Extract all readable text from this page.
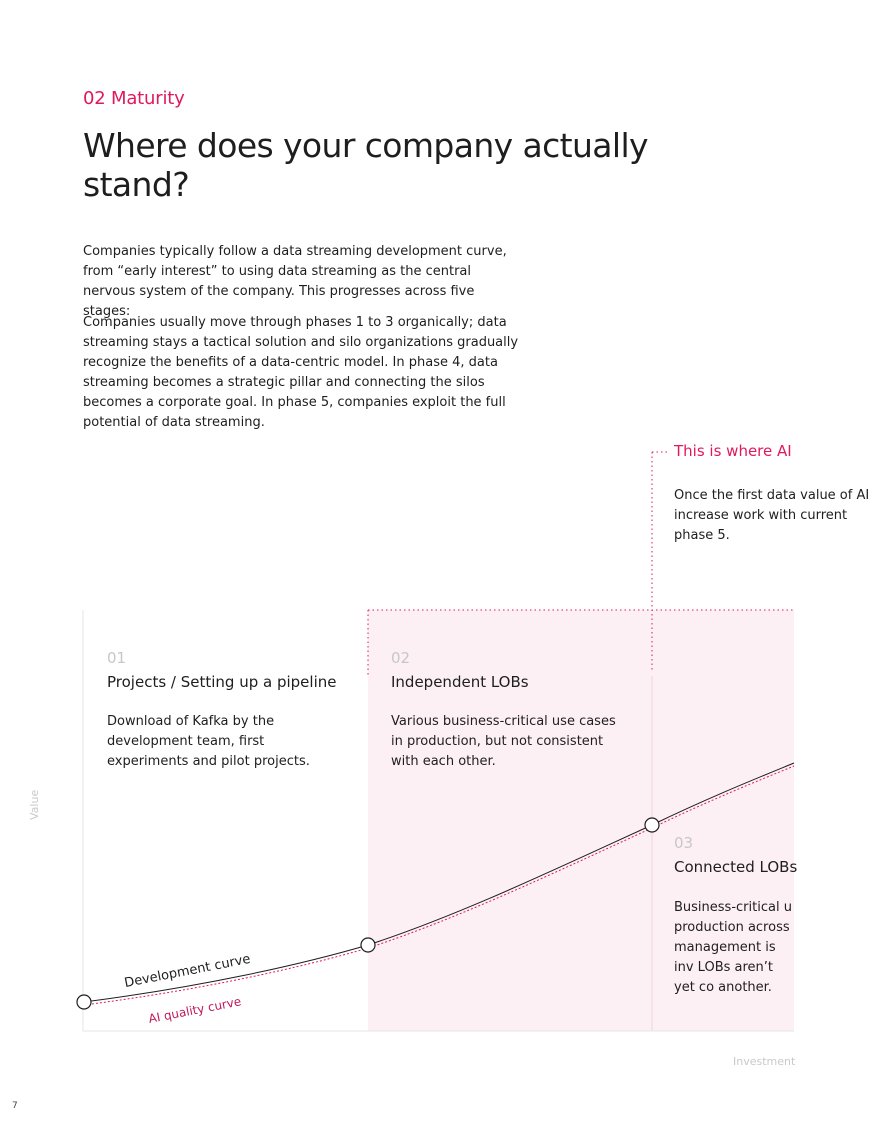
02 Maturity
Where does your company actually stand?
Companies typically follow a data streaming development curve, from “early interest” to using data streaming as the central nervous system of the company. This progresses across five stages:
Companies usually move through phases 1 to 3 organically; data streaming stays a tactical solution and silo organizations gradually recognize the benefits of a data-centric model. In phase 4, data streaming becomes a strategic pillar and connecting the silos becomes a corporate goal. In phase 5, companies exploit the full potential of data streaming.
This is where AI
Once the first data value of AI increase work with current phase 5.
01
Projects / Setting up a pipeline
Download of Kafka by the development team, first experiments and pilot projects.
02
Independent LOBs
Various business-critical use cases in production, but not consistent with each other.
03
Connected LOBs
Business-critical u production across management is inv LOBs aren’t yet co another.
Development curve
AI quality curve
Value
Investment
7
